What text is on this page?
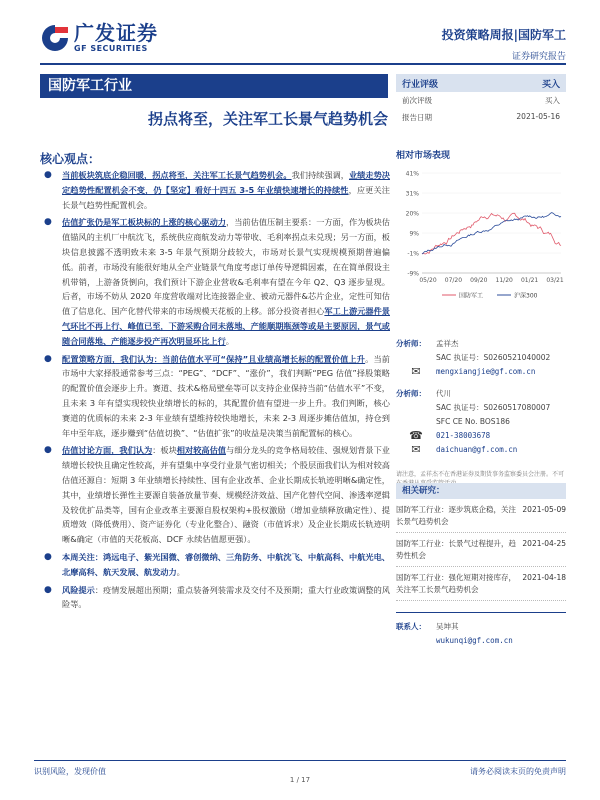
广发证券
GF SECURITIES
投资策略周报|国防军工
证券研究报告
国防军工行业
拐点将至，关注军工长景气趋势机会
核心观点：

● 当前板块筑底企稳回暖，拐点将至，关注军工长景气趋势机会。我们持续强调，业绩走势决定趋势性配置机会不变，仍【坚定】看好十四五 3-5 年业绩快速增长的持续性，应更关注长景气趋势性配置机会。

● 估值扩张仍是军工板块标的上涨的核心驱动力，当前估值压制主要系：一方面，作为板块估值锚风的主机厂中航沈飞，系统供应商航发动力等带收、毛利率拐点未兑现；另一方面，板块信息披露不透明致未来 3-5 年景气预期分歧较大，市场对长景气实现规模预期普遍偏低。前者，市场没有能很好地从全产业链景气角度考虑订单传导逻辑因素，在在简单假设主机带销，上游备货倒向，我们预计下游企业营收&毛利率有望在今年 Q2、Q3 逐步显现。后者，市场不妨从 2020 年度营收端对比连接器企业、被动元器件&芯片企业，定性可知估值了信息化、国产化替代带来的市场规模天花板的上移。部分投资者担心军工上游元器件景气环比不再上行、峰值已至，下游采购合同未落地、产能顺期瓶颈等或是主要原因，景气或随合同落地、产能逐步投产再次明显环比上行。

● 配置策略方面，我们认为：当前估值水平可“保持”且业绩高增长标的配置价值上升。当前市场中大家择股通常参考三点：“PEG”、“DCF”、“涨价”，我们判断“PEG 估值”择股策略的配置价值会逐步上升。赛道、技术&格局壁垒等可以支持企业保持当前“估值水平”不变，且未来 3 年有望实现较快业绩增长的标的，其配置价值有望进一步上升。我们判断，核心赛道的优质标的未来 2-3 年业绩有望维持较快地增长，未来 2-3 周逐步摊估值加，持仓到年中至年底，逐步赚到“估值切换”、“估值扩张”的收益是决策当前配置标的核心。

● 估值讨论方面，我们认为：板块相对较高估值与细分龙头的竞争格局较佳、强规划背景下业绩增长较快且确定性较高，并有望集中享受行业景气密切相关；个股层面我们认为相对较高估值还源自：短期 3 年业绩增长持续性、国有企业改革、企业长期成长轨迹明晰&确定性，其中，业绩增长弹性主要源自装备放量节奏、规模经济效益、国产化替代空间、渗透率逻辑及较优扩品类等，国有企业改革主要源自股权架构+股权激励（增加业绩释放确定性）、提质增效（降低费用）、资产证券化（专业化整合）、融资（市值诉求）及企业长期成长轨迹明晰&确定（市值的天花板高、DCF 永续估值愿更强）。

● 本周关注：鸿远电子、紫光国微、睿创微纳、三角防务、中航沈飞、中航高科、中航光电、北摩高科、航天发展、航发动力。

● 风险提示：疫情发展超出预期；重点装备列装需求及交付不及预期；重大行业政策调整的风险等。

行业评级	买入
前次评级	买入
报告日期	2021-05-16
相对市场表现
41%
31%
20%
9%
-1%
-9%
05/20 07/20 09/20 11/20 01/21 03/21
国防军工	沪深300
分析师：	孟祥杰
SAC 执证号：S0260521040002
✉	mengxiangjie@gf.com.cn
分析师：	代川
SAC 执证号：S0260517080007
SFC CE No. BOS186
☎	021-38003678
✉	daichuan@gf.com.cn
请注意，孟祥杰不在香港证券及期货事务监察委员会注册。不可
相关研究：
国防军工行业：逐步筑底企稳，关注长景气趋势机会
2021-05-09
国防军工行业：长景气过程提升，趋势性机会
2021-04-25
国防军工行业：强化短期对接库存，关注军工长景气趋势机会
2021-04-18
联系人：	吴坤其
wukunqi@gf.com.cn
识别风险，发现价值	请务必阅读末页的免责声明
1 / 17
